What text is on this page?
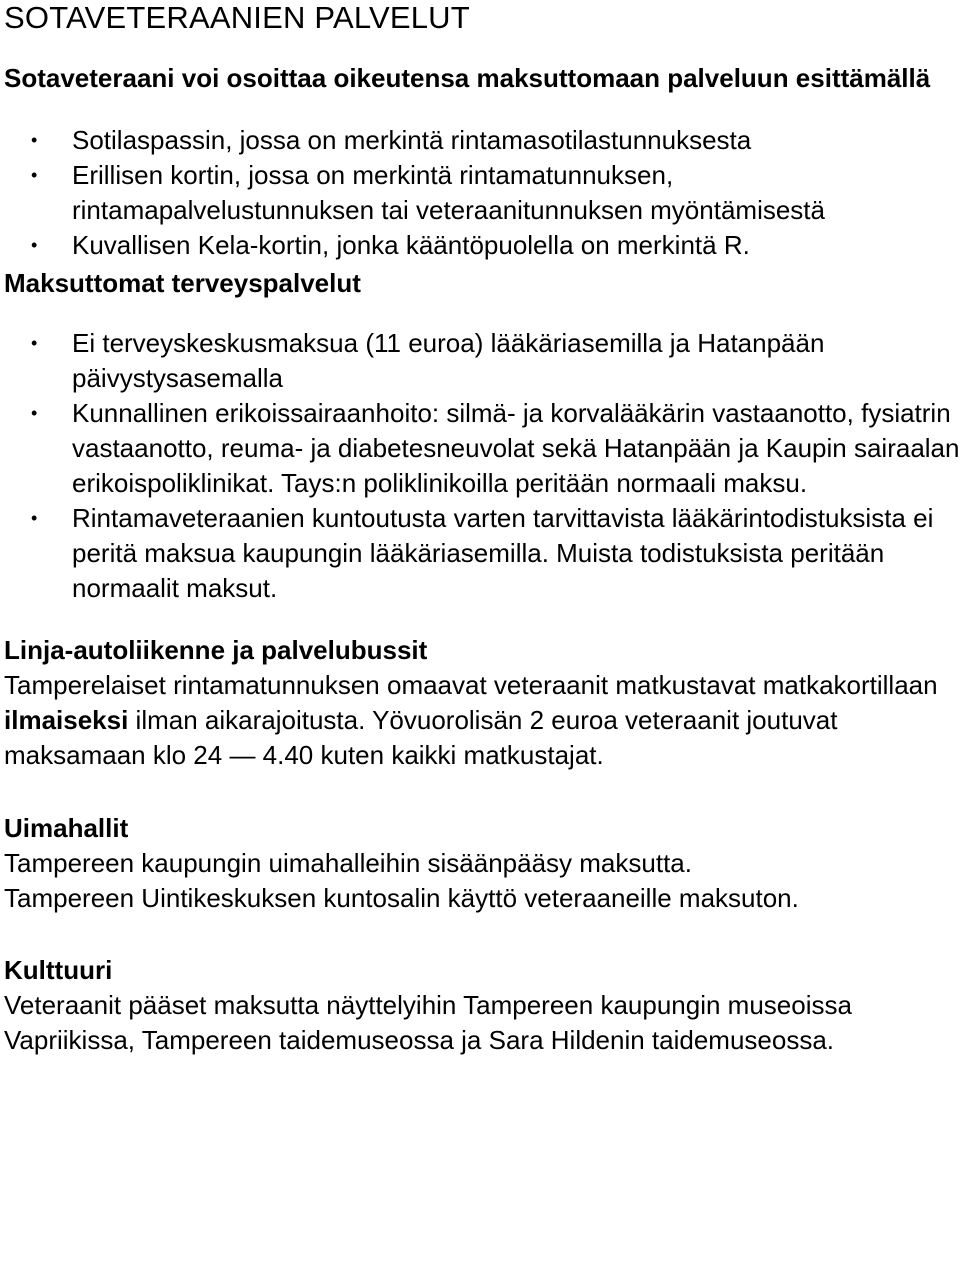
SOTAVETERAANIEN PALVELUT
Sotaveteraani voi osoittaa oikeutensa maksuttomaan palveluun esittämällä
• Sotilaspassin, jossa on merkintä rintamasotilastunnuksesta
• Erillisen kortin, jossa on merkintä rintamatunnuksen, rintamapalvelustunnuksen tai veteraanitunnuksen myöntämisestä
• Kuvallisen Kela-kortin, jonka kääntöpuolella on merkintä R.
Maksuttomat terveyspalvelut
• Ei terveyskeskusmaksua (11 euroa) lääkäriasemilla ja Hatanpään päivystysasemalla
• Kunnallinen erikoissairaanhoito: silmä- ja korvalääkärin vastaanotto, fysiatrin vastaanotto, reuma- ja diabetesneuvolat sekä Hatanpään ja Kaupin sairaalan erikoispoliklinikat. Tays:n poliklinikoilla peritään normaali maksu.
• Rintamaveteraanien kuntoutusta varten tarvittavista lääkärintodistuksista ei peritä maksua kaupungin lääkäriasemilla. Muista todistuksista peritään normaalit maksut.
Linja-autoliikenne ja palvelubussit

Tamperelaiset rintamatunnuksen omaavat veteraanit matkustavat matkakortillaan ilmaiseksi ilman aikarajoitusta. Yövuorolisän 2 euroa veteraanit joutuvat maksamaan klo 24 — 4.40 kuten kaikki matkustajat.

Uimahallit

Tampereen kaupungin uimahalleihin sisäänpääsy maksutta.

Tampereen Uintikeskuksen kuntosalin käyttö veteraaneille maksuton.

Kulttuuri

Veteraanit pääset maksutta näyttelyihin Tampereen kaupungin museoissa Vapriikissa, Tampereen taidemuseossa ja Sara Hildenin taidemuseossa.
